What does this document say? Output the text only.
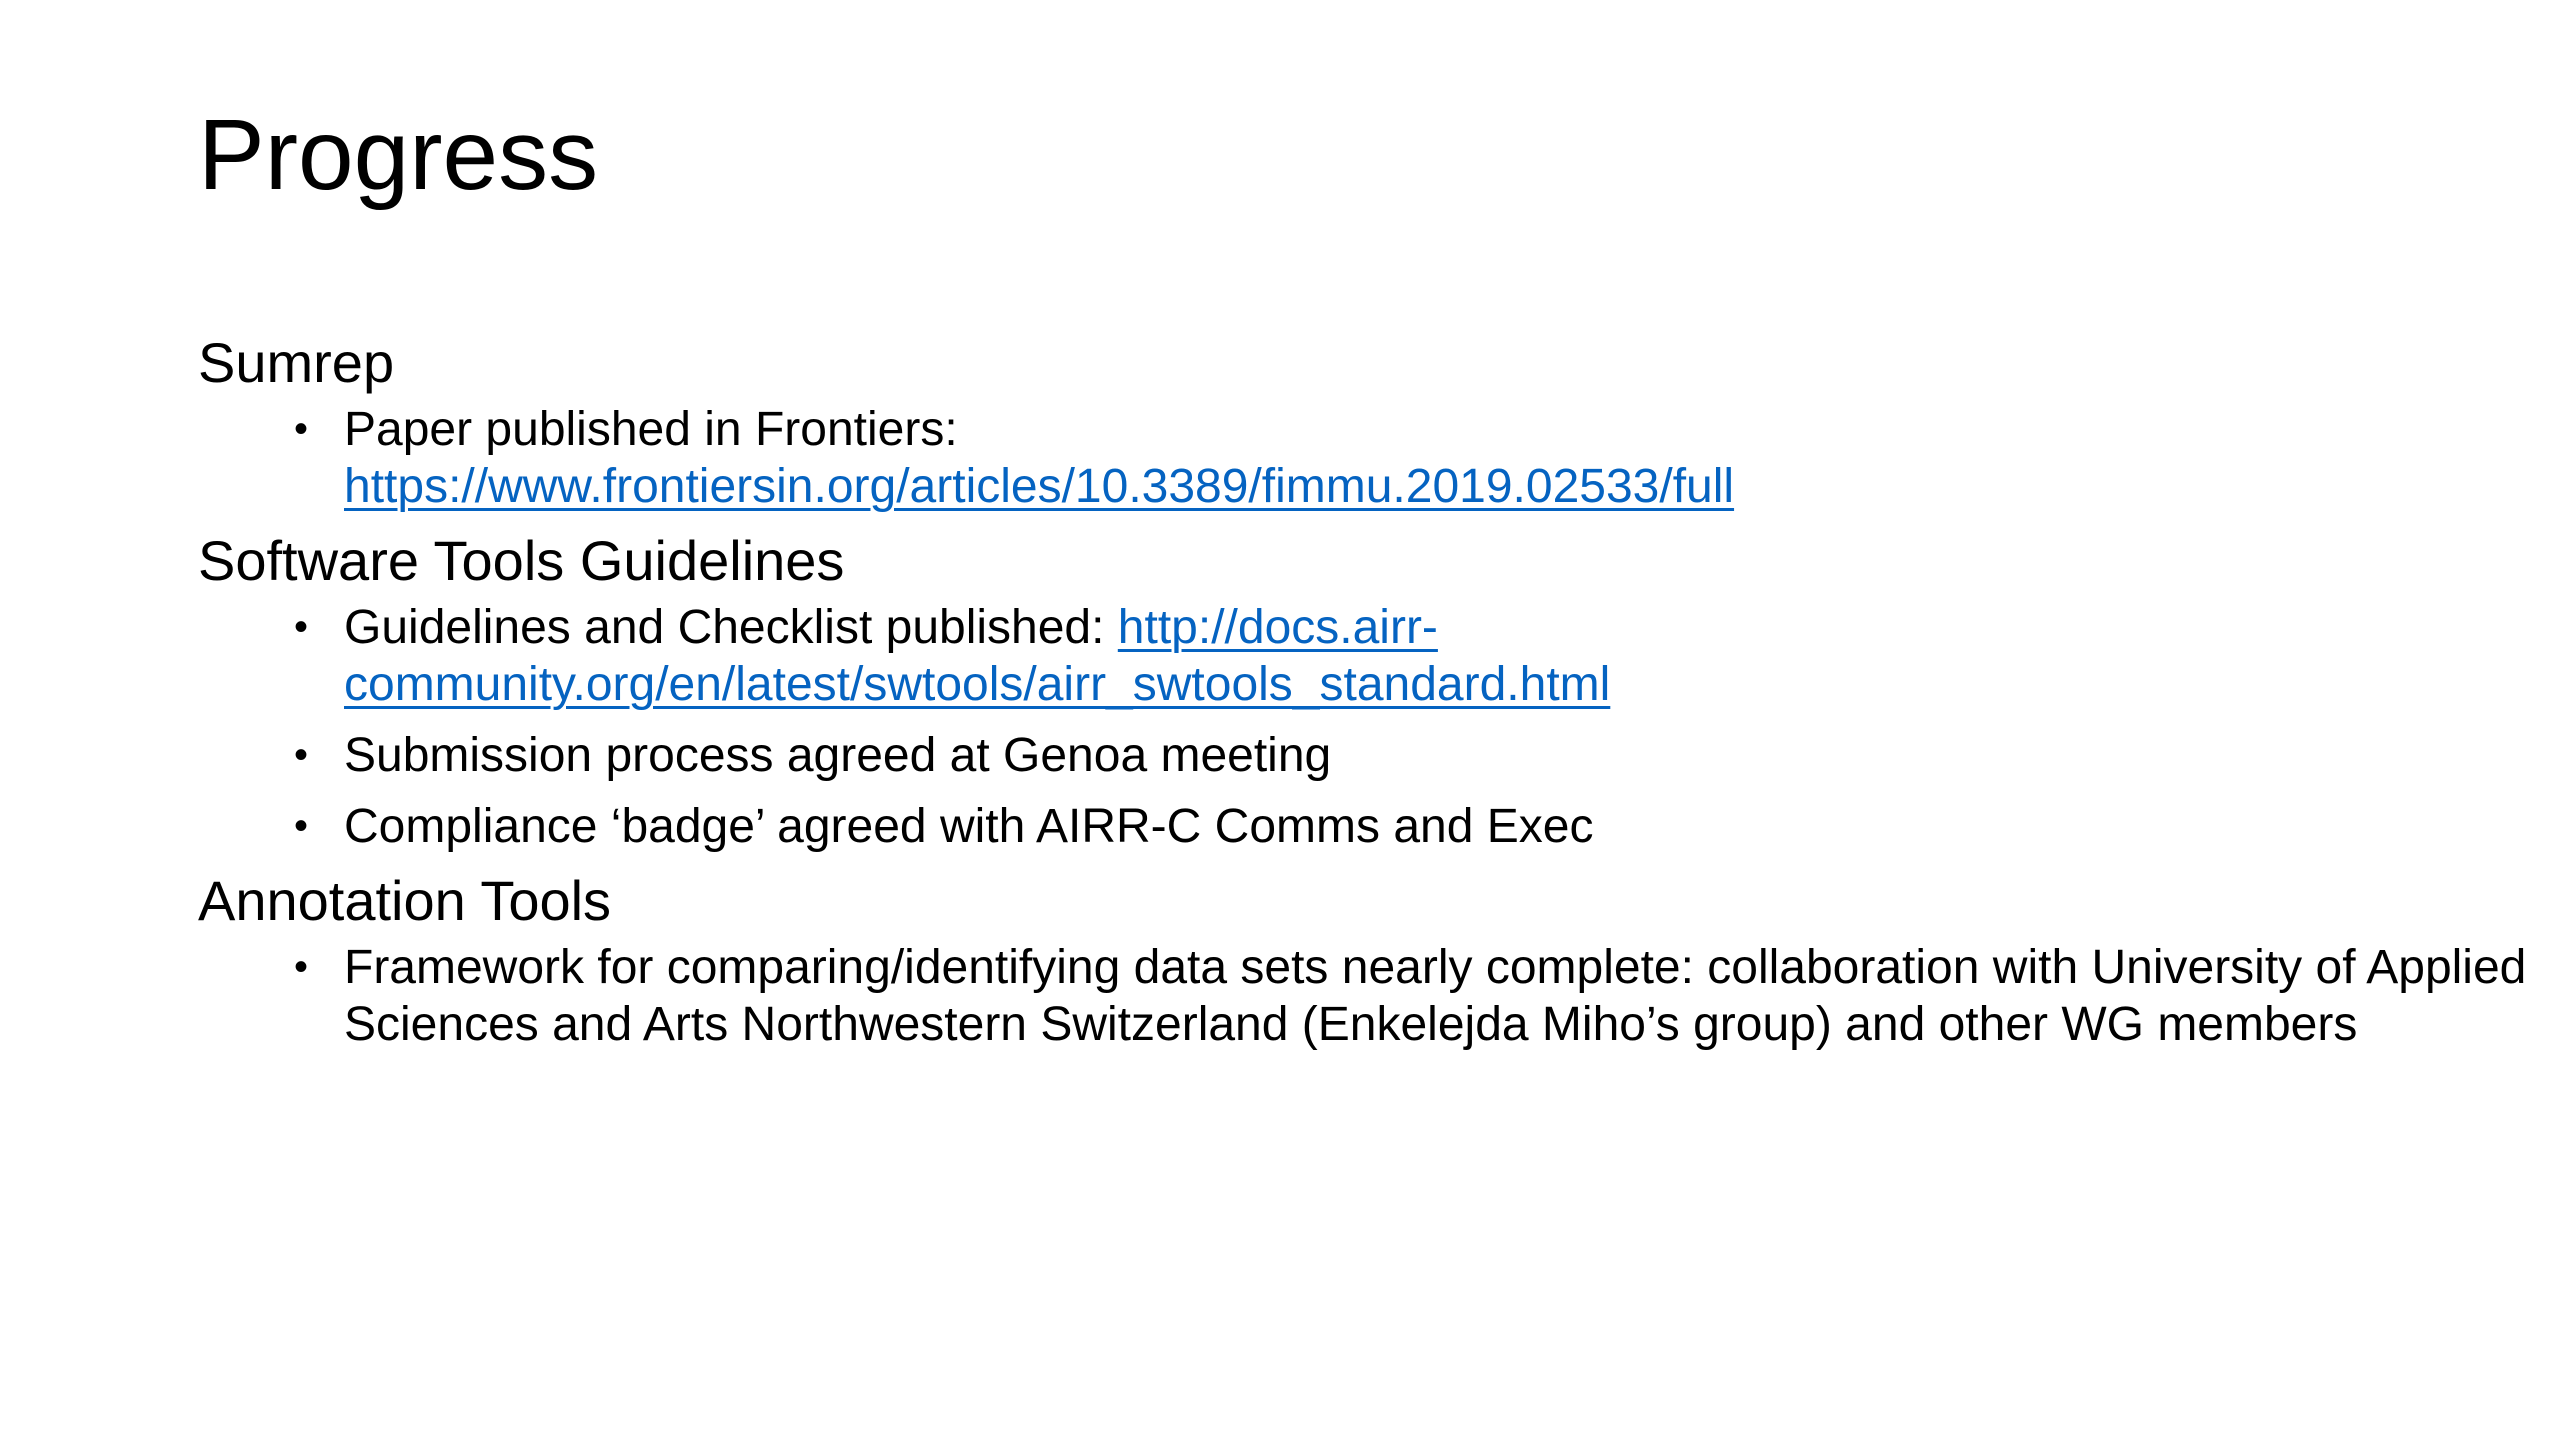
Progress
Sumrep
• Paper published in Frontiers:
https://www.frontiersin.org/articles/10.3389/fimmu.2019.02533/full
Software Tools Guidelines
• Guidelines and Checklist published: http://docs.airr-
community.org/en/latest/swtools/airr_swtools_standard.html
• Submission process agreed at Genoa meeting
• Compliance ‘badge’ agreed with AIRR-C Comms and Exec
Annotation Tools
• Framework for comparing/identifying data sets nearly complete: collaboration with University of Applied Sciences and Arts Northwestern Switzerland (Enkelejda Miho’s group) and other WG members
